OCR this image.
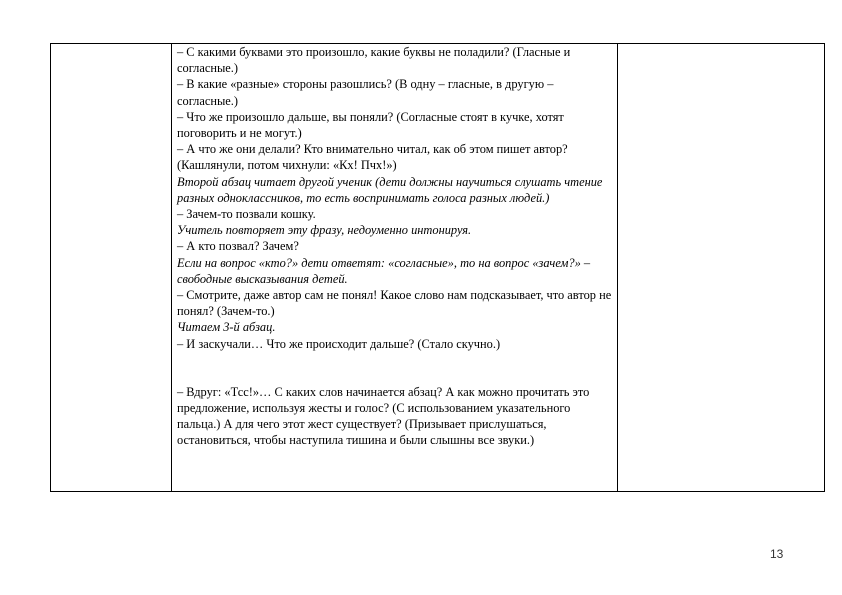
– С какими буквами это произошло, какие буквы не поладили? (Гласные и согласные.)

– В какие «разные» стороны разошлись? (В одну – гласные, в другую – согласные.)

– Что же произошло дальше, вы поняли? (Согласные стоят в кучке, хотят поговорить и не могут.)

– А что же они делали? Кто внимательно читал, как об этом пишет автор? (Кашлянули, потом чихнули: «Кх! Пчх!»)

Второй абзац читает другой ученик (дети должны научиться слушать чтение разных одноклассников, то есть воспринимать голоса разных людей.)

– Зачем-то позвали кошку.

Учитель повторяет эту фразу, недоуменно интонируя.

– А кто позвал? Зачем?

Если на вопрос «кто?» дети ответят: «согласные», то на вопрос «зачем?» – свободные высказывания детей.

– Смотрите, даже автор сам не понял! Какое слово нам подсказывает, что автор не понял? (Зачем-то.)

Читаем 3-й абзац.

– И заскучали… Что же происходит дальше? (Стало скучно.)

– Вдруг: «Тсс!»… С каких слов начинается абзац? А как можно прочитать это предложение, используя жесты и голос? (С использованием указательного пальца.) А для чего этот жест существует? (Призывает прислушаться, остановиться, чтобы наступила тишина и были слышны все звуки.)

13
